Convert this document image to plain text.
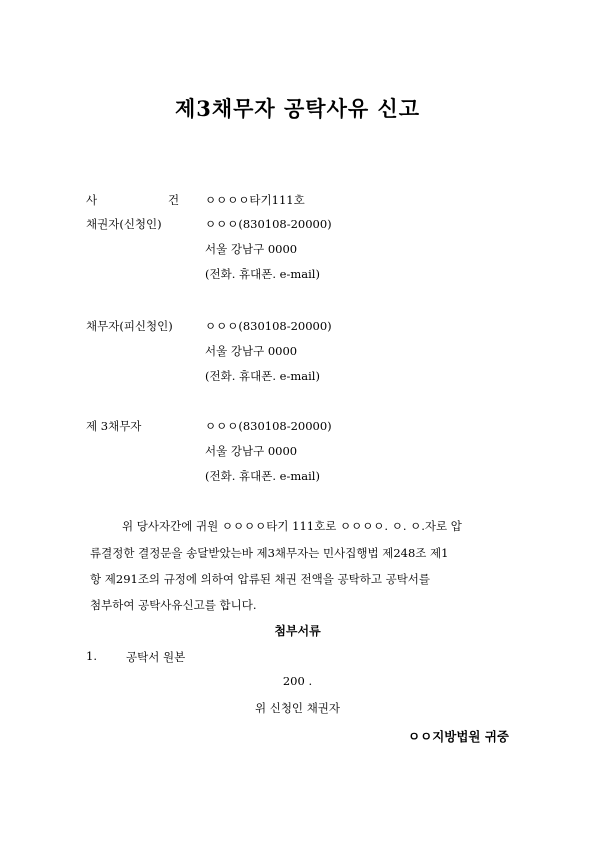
제3채무자 공탁사유 신고
사	건 ㅇㅇㅇㅇ타기111호
채권자(신청인)	ㅇㅇㅇ(830108-20000)
서울 강남구 0000
(전화. 휴대폰. e-mail)
채무자(피신청인)	ㅇㅇㅇ(830108-20000)
서울 강남구 0000
(전화. 휴대폰. e-mail)
제 3채무자	ㅇㅇㅇ(830108-20000)
서울 강남구 0000
(전화. 휴대폰. e-mail)
위 당사자간에 귀원 ㅇㅇㅇㅇ타기 111호로 ㅇㅇㅇㅇ. ㅇ. ㅇ.자로 압
류결정한 결정문을 송달받았는바 제3채무자는 민사집행법 제248조 제1
항 제291조의 규정에 의하여 압류된 채권 전액을 공탁하고 공탁서를
첨부하여 공탁사유신고를 합니다.
첨부서류
1.	공탁서 원본
200 .
위 신청인 채권자
ㅇㅇ지방법원 귀중
